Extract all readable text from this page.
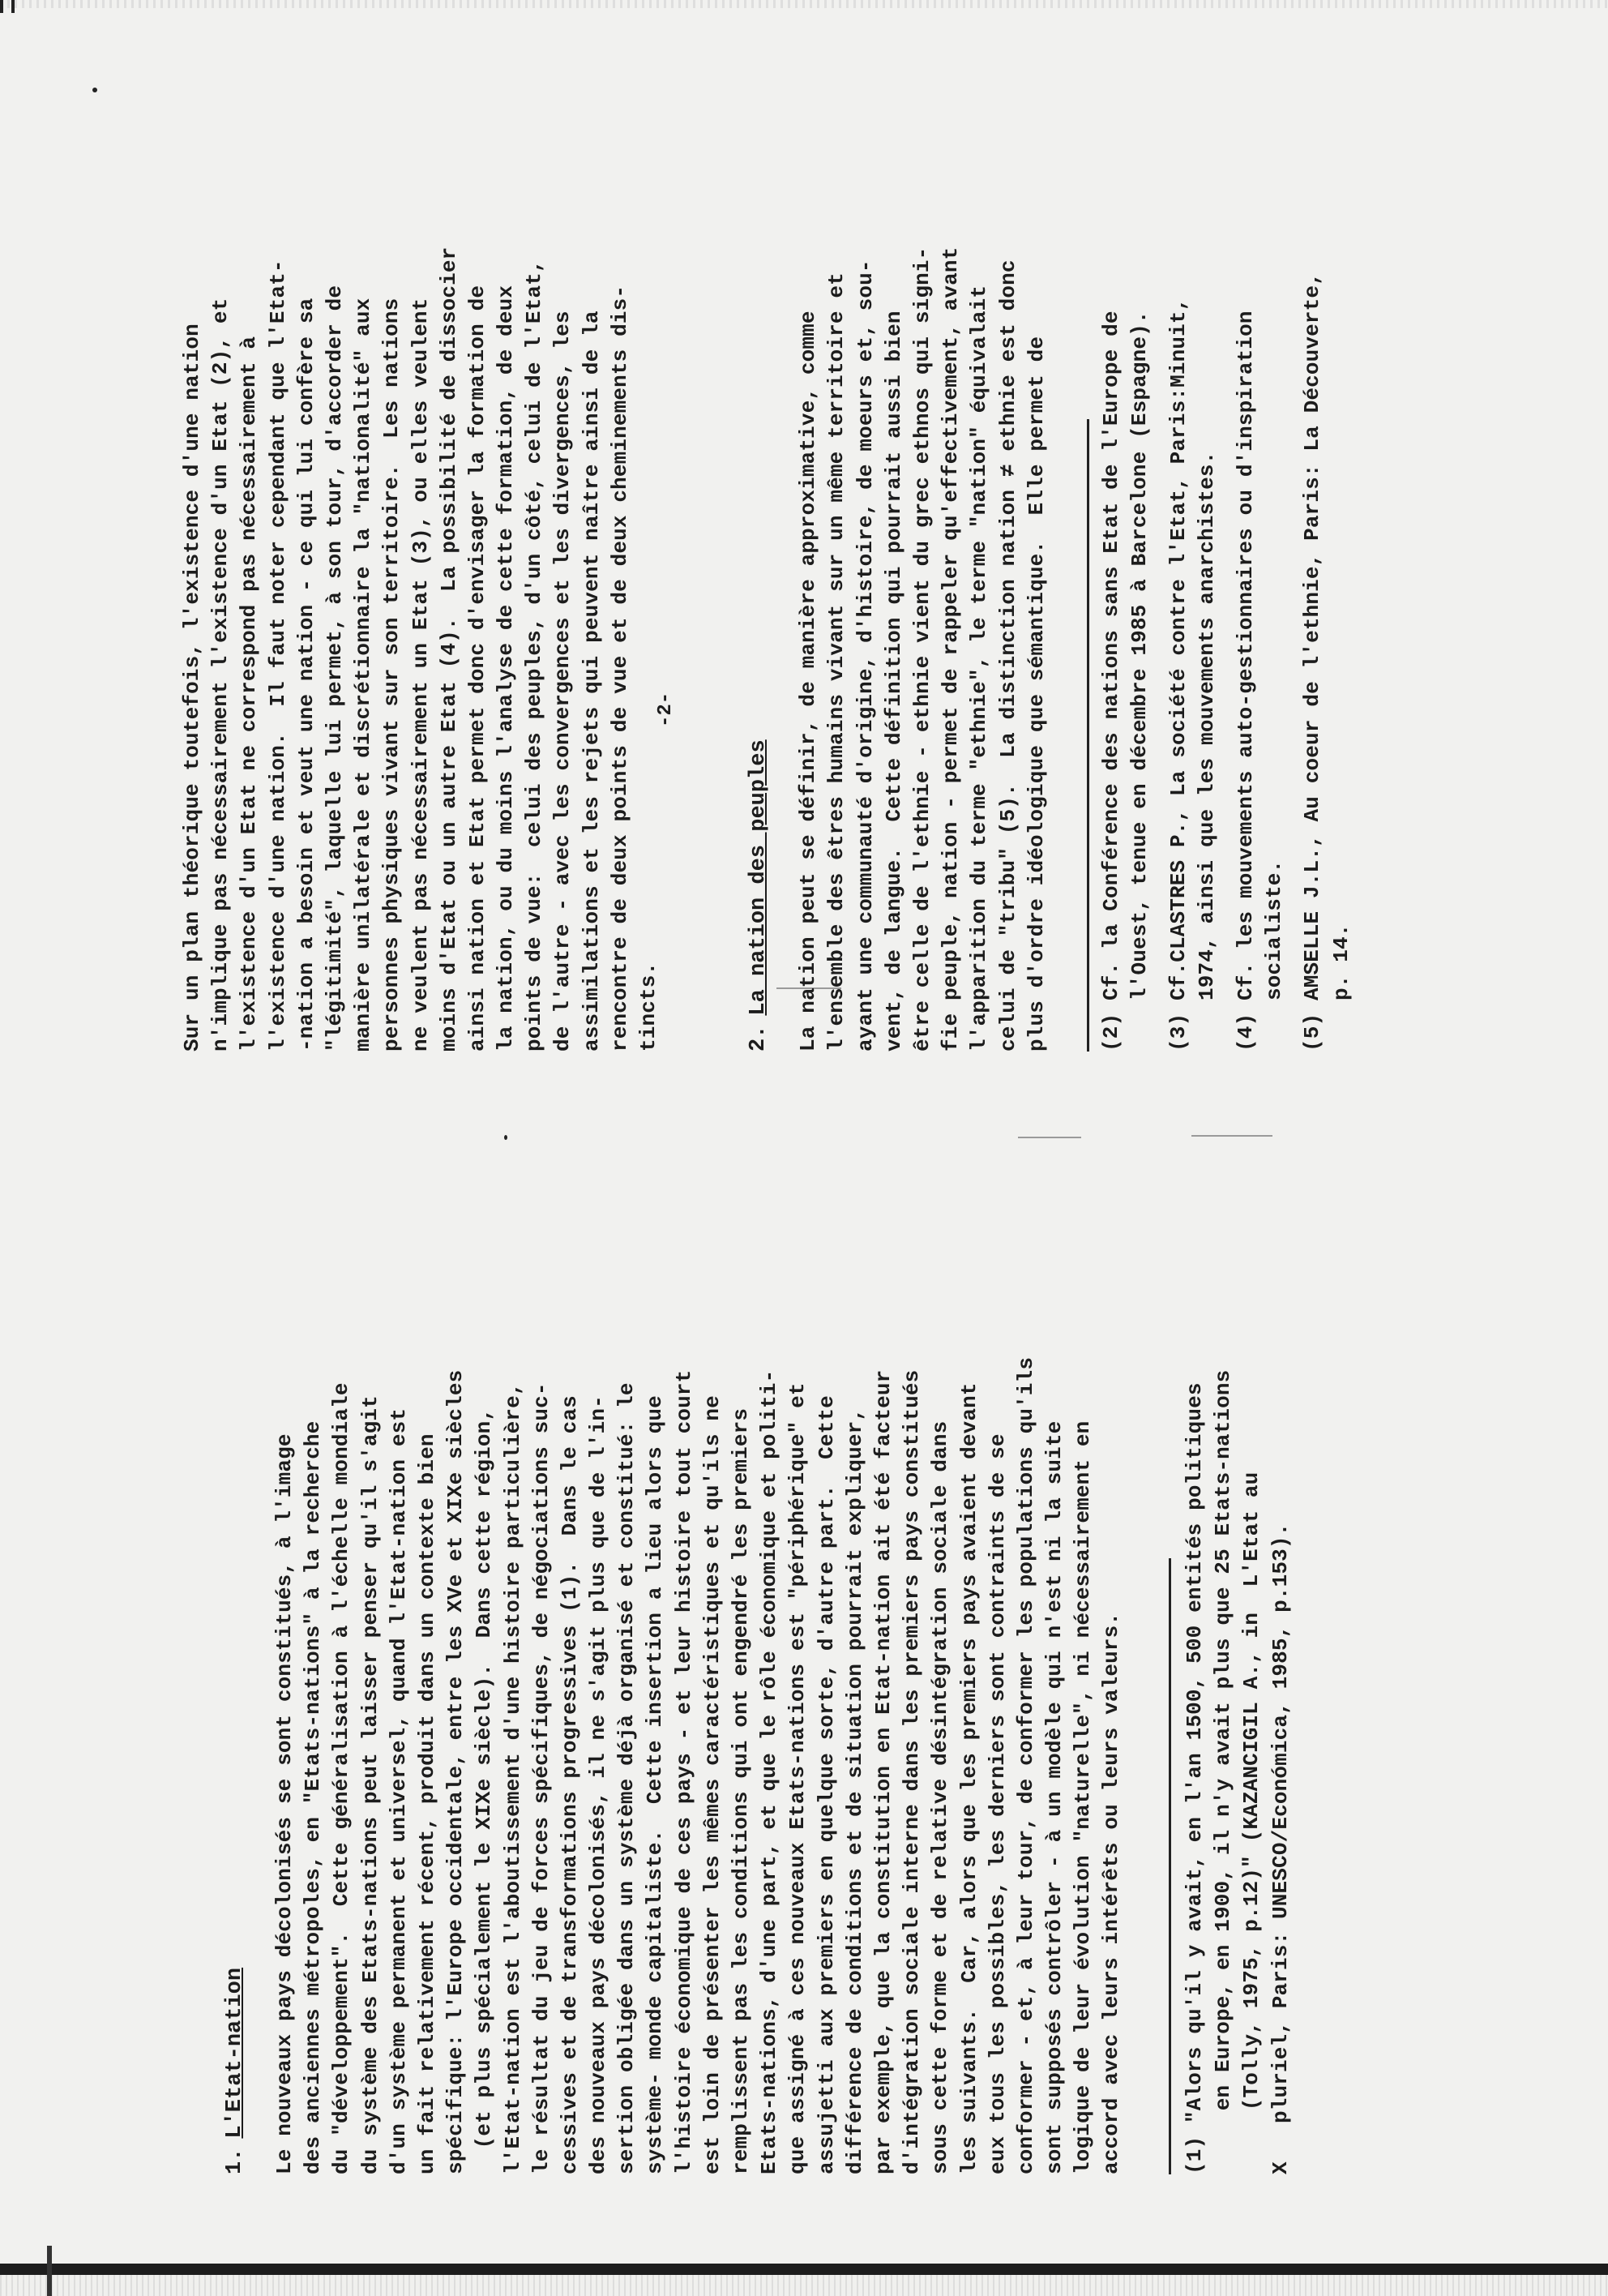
-2-
1.L'Etat-nation Le nouveaux pays décolonisés se sont constitués, à l'image des anciennes métropoles, en "Etats-nations" à la recherche du "développement".  Cette généralisation à l'échelle mondiale du système des Etats-nations peut laisser penser qu'il s'agit d'un système permanent et universel, quand l'Etat-nation est un fait relativement récent, produit dans un contexte bien spécifique: l'Europe occidentale, entre les XVe et XIXe siècles (et plus spécialement le XIXe siècle).  Dans cette région, l'Etat-nation est l'aboutissement d'une histoire particulière, le résultat du jeu de forces spécifiques, de négociations suc- cessives et de transformations progressives (1).  Dans le cas des nouveaux pays décolonisés, il ne s'agit plus que de l'in- sertion obligée dans un système déjà organisé et constitué: le système- monde capitaliste.  Cette insertion a lieu alors que l'histoire économique de ces pays - et leur histoire tout court est loin de présenter les mêmes caractéristiques et qu'ils ne remplissent pas les conditions qui ont engendré les premiers Etats-nations, d'une part, et que le rôle économique et politi- que assigné à ces nouveaux Etats-nations est "périphérique" et assujetti aux premiers en quelque sorte, d'autre part.  Cette différence de conditions et de situation pourrait expliquer, par exemple, que la constitution en Etat-nation ait été facteur d'intégration sociale interne dans les premiers pays constitués sous cette forme et de relative désintégration sociale dans les suivants.  Car, alors que les premiers pays avaient devant eux tous les possibles, les derniers sont contraints de se conformer - et, à leur tour, de conformer les populations qu'ils sont supposés contrôler - à un modèle qui n'est ni la suite logique de leur évolution "naturelle", ni nécessairement en accord avec leurs intérêts ou leurs valeurs.	(1) "Alors qu'il y avait, en l'an 1500, 500 entités politiques en Europe, en 1900, il n'y avait plus que 25 Etats-nations (Tolly, 1975, p.12)" (KAZANCIGIL A., in  L'Etat au X   pluriel, Paris: UNESCO/Económica, 1985, p.153).
Sur un plan théorique toutefois, l'existence d'une nation n'implique pas nécessairement l'existence d'un Etat (2), et l'existence d'un Etat ne correspond pas nécessairement à l'existence d'une nation.  Il faut noter cependant que l'Etat- -nation a besoin et veut une nation - ce qui lui confère sa "légitimité", laquelle lui permet, à son tour, d'accorder de manière unilatérale et discrétionnaire la "nationalité" aux personnes physiques vivant sur son territoire.  Les nations ne veulent pas nécessairement un Etat (3), ou elles veulent moins d'Etat ou un autre Etat (4).  La possibilité de dissocier ainsi nation et Etat permet donc d'envisager la formation de la nation, ou du moins l'analyse de cette formation, de deux points de vue:  celui des peuples, d'un côté, celui de l'Etat, de l'autre - avec les convergences et les divergences, les assimilations et les rejets qui peuvent naître ainsi de la rencontre de deux points de vue et de deux cheminements dis- tincts.	2.La nation des peuples La nation peut se définir, de manière approximative, comme l'ensemble des êtres humains vivant sur un même territoire et ayant une communauté d'origine, d'histoire, de moeurs et, sou- vent, de langue.  Cette définition qui pourrait aussi bien être celle de l'ethnie - ethnie vient du grec ethnos qui signi- fie peuple, nation - permet de rappeler qu'effectivement, avant l'apparition du terme "ethnie", le terme "nation" équivalait celui de "tribu" (5).  La distinction nation ≠ ethnie est donc plus d'ordre idéologique que sémantique.  Elle permet de (2) Cf. la Conférence des nations sans Etat de l'Europe de l'Ouest, tenue en décembre 1985 à Barcelone (Espagne). (3) Cf.CLASTRES P., La société contre l'Etat, Paris:Minuit, 1974, ainsi que les mouvements anarchistes. (4) Cf. les mouvements auto-gestionnaires ou d'inspiration socialiste. (5) AMSELLE J.L., Au coeur de l'ethnie, Paris: La Découverte, p. 14.
